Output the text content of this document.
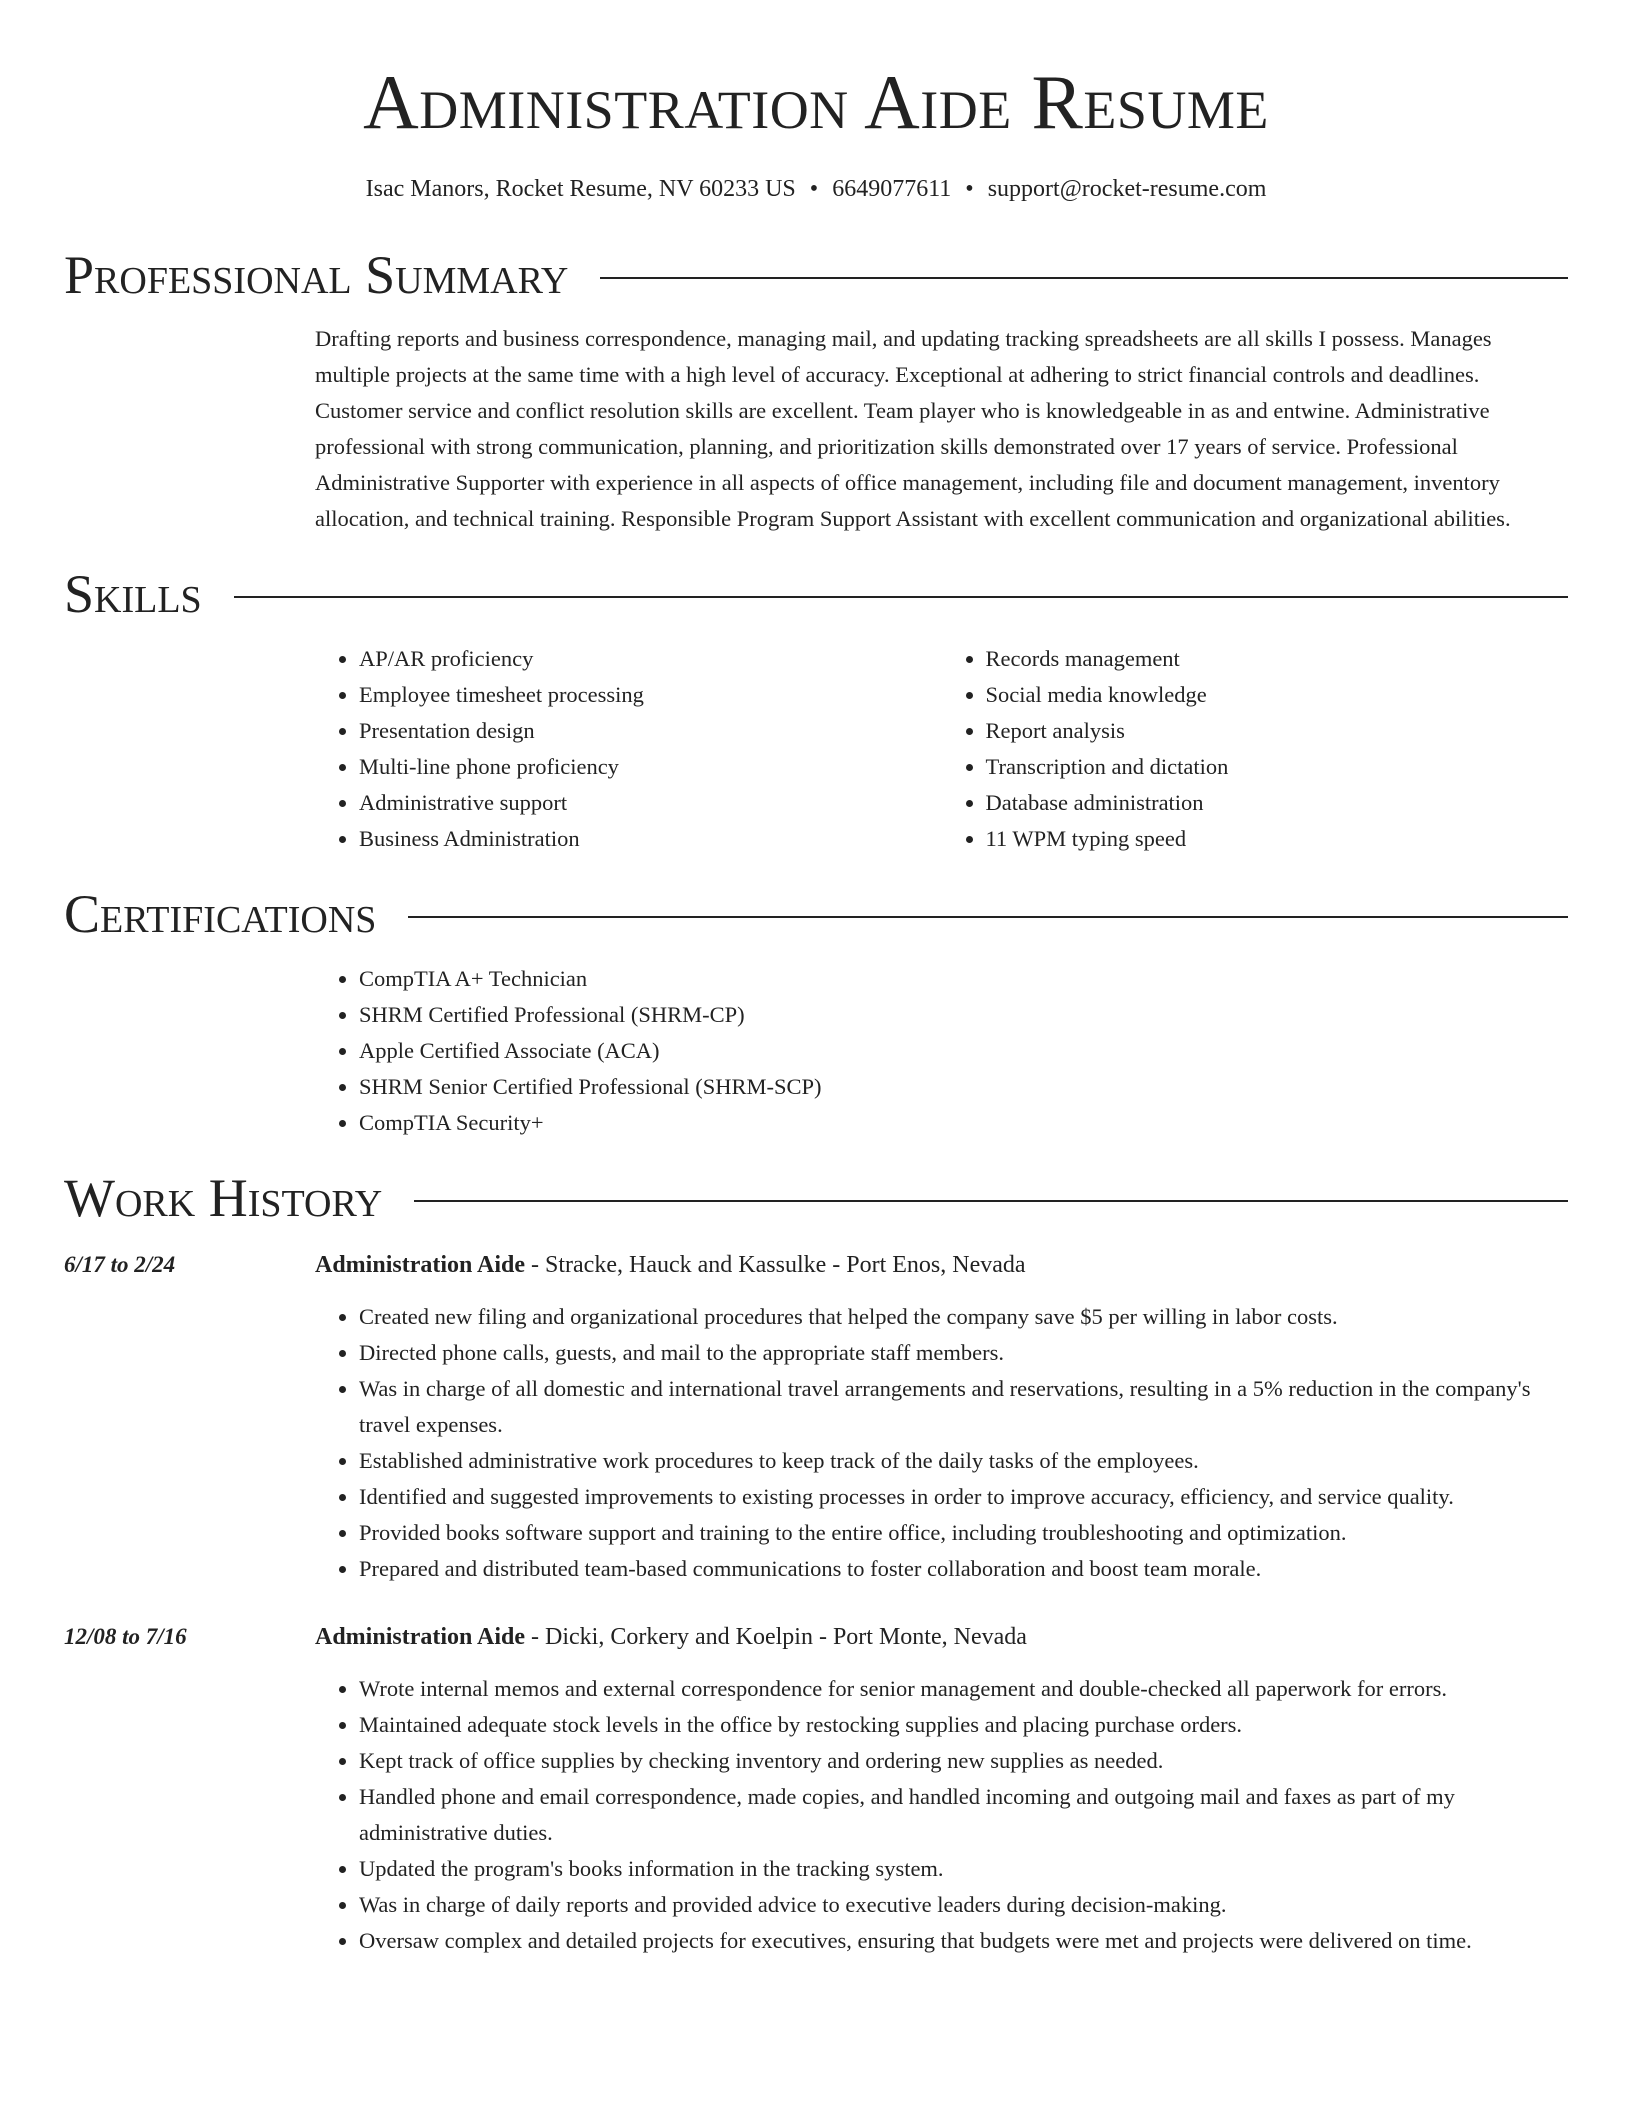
Administration Aide Resume
Isac Manors, Rocket Resume, NV 60233 US • 6649077611 • support@rocket-resume.com
Professional Summary

Drafting reports and business correspondence, managing mail, and updating tracking spreadsheets are all skills I possess. Manages multiple projects at the same time with a high level of accuracy. Exceptional at adhering to strict financial controls and deadlines. Customer service and conflict resolution skills are excellent. Team player who is knowledgeable in as and entwine. Administrative professional with strong communication, planning, and prioritization skills demonstrated over 17 years of service. Professional Administrative Supporter with experience in all aspects of office management, including file and document management, inventory allocation, and technical training. Responsible Program Support Assistant with excellent communication and organizational abilities.

Skills
• AP/AR proficiency
• Employee timesheet processing
• Presentation design
• Multi-line phone proficiency
• Administrative support
• Business Administration
• Records management
• Social media knowledge
• Report analysis
• Transcription and dictation
• Database administration
• 11 WPM typing speed
Certifications
• CompTIA A+ Technician
• SHRM Certified Professional (SHRM-CP)
• Apple Certified Associate (ACA)
• SHRM Senior Certified Professional (SHRM-SCP)
• CompTIA Security+
Work History
6/17 to 2/24	Administration Aide - Stracke, Hauck and Kassulke - Port Enos, Nevada
• Created new filing and organizational procedures that helped the company save $5 per willing in labor costs.
• Directed phone calls, guests, and mail to the appropriate staff members.
• Was in charge of all domestic and international travel arrangements and reservations, resulting in a 5% reduction in the company's travel expenses.
• Established administrative work procedures to keep track of the daily tasks of the employees.
• Identified and suggested improvements to existing processes in order to improve accuracy, efficiency, and service quality.
• Provided books software support and training to the entire office, including troubleshooting and optimization.
• Prepared and distributed team-based communications to foster collaboration and boost team morale.
12/08 to 7/16	Administration Aide - Dicki, Corkery and Koelpin - Port Monte, Nevada
• Wrote internal memos and external correspondence for senior management and double-checked all paperwork for errors.
• Maintained adequate stock levels in the office by restocking supplies and placing purchase orders.
• Kept track of office supplies by checking inventory and ordering new supplies as needed.
• Handled phone and email correspondence, made copies, and handled incoming and outgoing mail and faxes as part of my administrative duties.
• Updated the program's books information in the tracking system.
• Was in charge of daily reports and provided advice to executive leaders during decision-making.
• Oversaw complex and detailed projects for executives, ensuring that budgets were met and projects were delivered on time.
